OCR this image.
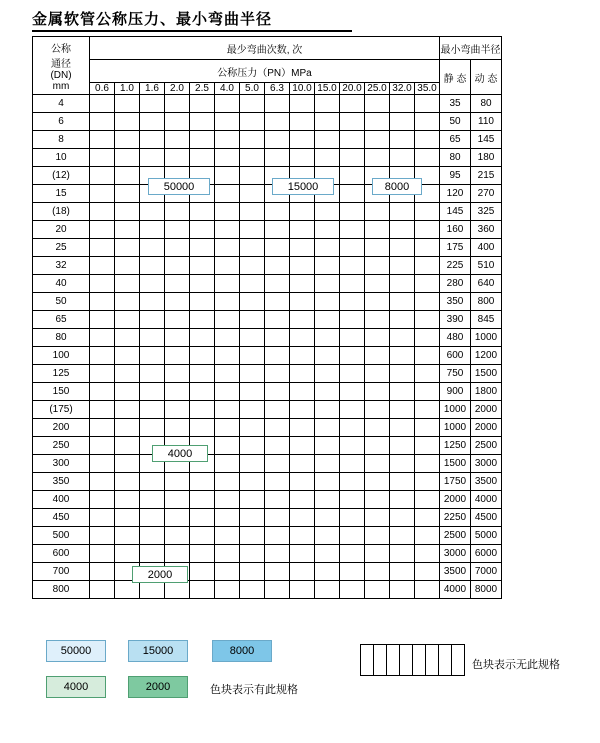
金属软管公称压力、最小弯曲半径
公称
通径
(DN)
mm	最少弯曲次数, 次														最小弯曲半径	
	公称压力（PN）MPa														静 态	动 态
	0.6	1.0	1.6	2.0	2.5	4.0	5.0	6.3	10.0	15.0	20.0	25.0	32.0	35.0		
4															35	80
6															50	110
8															65	145
10															80	180
(12)															95	215
15															120	270
(18)															145	325
20															160	360
25															175	400
32															225	510
40															280	640
50															350	800
65															390	845
80															480	1000
100															600	1200
125															750	1500
150															900	1800
(175)															1000	2000
200															1000	2000
250															1250	2500
300															1500	3000
350															1750	3500
400															2000	4000
450															2250	4500
500															2500	5000
600															3000	6000
700															3500	7000
800															4000	8000
50000	15000	8000
4000
2000
50000	15000	8000
4000	2000	色块表示有此规格
色块表示无此规格
